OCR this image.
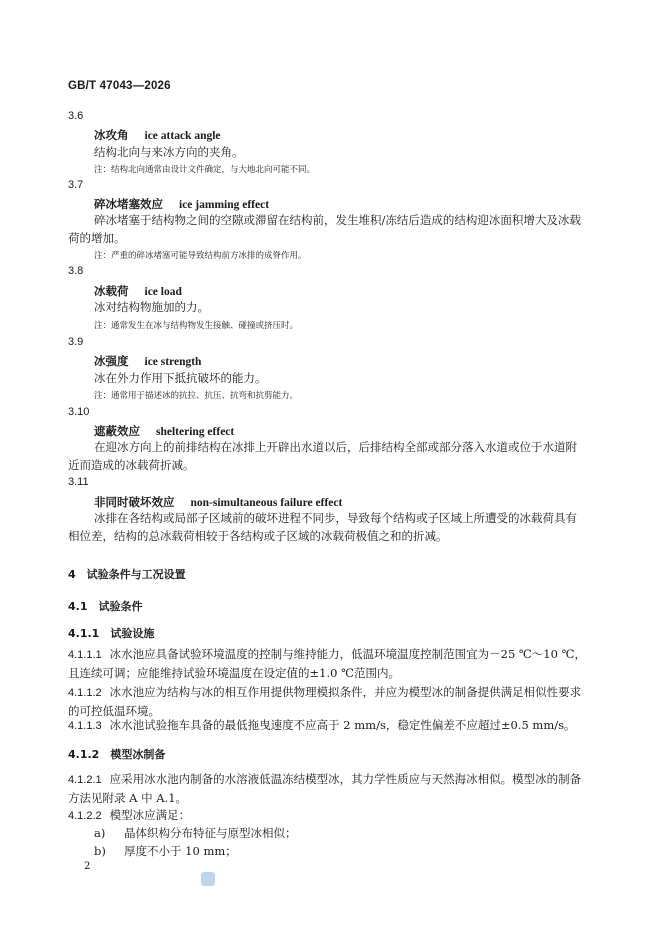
GB/T 47043—2026
3.6
冰攻角 ice attack angle
结构北向与来冰方向的夹角。
注：结构北向通常由设计文件确定，与大地北向可能不同。
3.7
碎冰堵塞效应 ice jamming effect
碎冰堵塞于结构物之间的空隙或滞留在结构前，发生堆积/冻结后造成的结构迎冰面积增大及冰载荷的增加。
注：严重的碎冰堵塞可能导致结构前方冰排的成脊作用。
3.8
冰载荷 ice load
冰对结构物施加的力。
注：通常发生在冰与结构物发生接触、碰撞或挤压时。
3.9
冰强度 ice strength
冰在外力作用下抵抗破坏的能力。
注：通常用于描述冰的抗拉、抗压、抗弯和抗剪能力。
3.10
遮蔽效应 sheltering effect
在迎冰方向上的前排结构在冰排上开辟出水道以后，后排结构全部或部分落入水道或位于水道附近而造成的冰载荷折减。
3.11
非同时破坏效应 non-simultaneous failure effect
冰排在各结构或局部子区域前的破坏进程不同步，导致每个结构或子区域上所遭受的冰载荷具有相位差，结构的总冰载荷相较于各结构或子区域的冰载荷极值之和的折减。
4　试验条件与工况设置
4.1　试验条件
4.1.1　试验设施
4.1.1.1 冰水池应具备试验环境温度的控制与维持能力，低温环境温度控制范围宜为－25 ℃～10 ℃，且连续可调；应能维持试验环境温度在设定值的±1.0 ℃范围内。
4.1.1.2 冰水池应为结构与冰的相互作用提供物理模拟条件，并应为模型冰的制备提供满足相似性要求的可控低温环境。
4.1.1.3 冰水池试验拖车具备的最低拖曳速度不应高于 2 mm/s，稳定性偏差不应超过±0.5 mm/s。
4.1.2　模型冰制备
4.1.2.1 应采用冰水池内制备的水溶液低温冻结模型冰，其力学性质应与天然海冰相似。模型冰的制备方法见附录 A 中 A.1。
4.1.2.2 模型冰应满足：
a) 晶体织构分布特征与原型冰相似；
b) 厚度不小于 10 mm；
2
